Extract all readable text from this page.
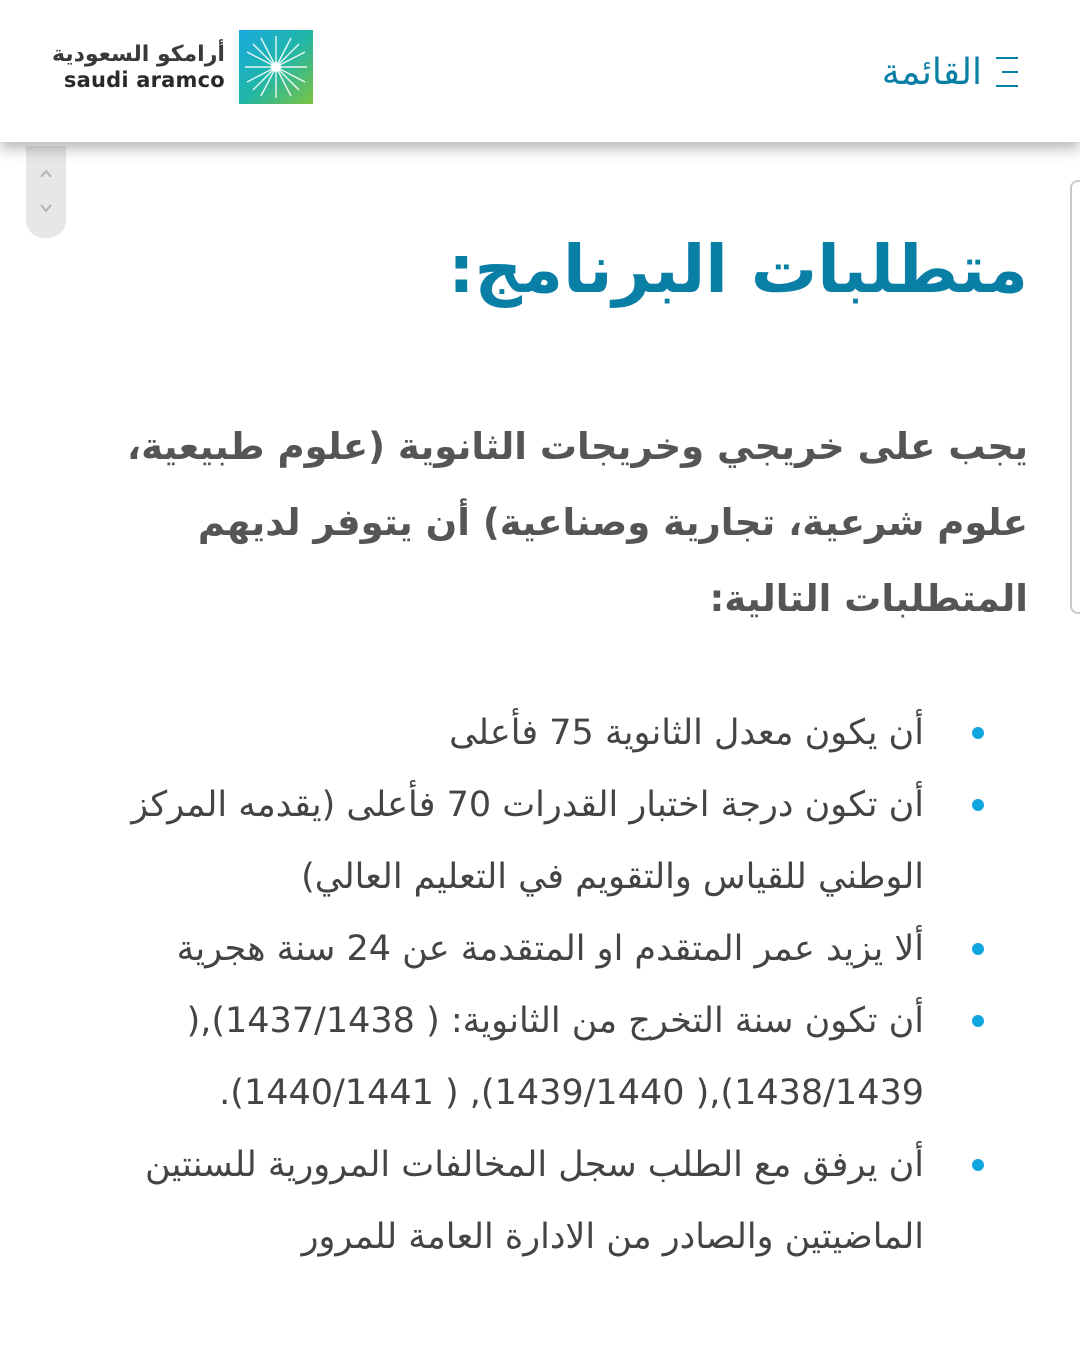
القائمة
أرامكو السعودية
saudi aramco
متطلبات البرنامج:

يجب على خريجي وخريجات الثانوية (علوم طبيعية، علوم شرعية، تجارية وصناعية) أن يتوفر لديهم المتطلبات التالية:

أن يكون معدل الثانوية 75 فأعلى
أن تكون درجة اختبار القدرات 70 فأعلى (يقدمه المركز الوطني للقياس والتقويم في التعليم العالي)
ألا يزيد عمر المتقدم او المتقدمة عن 24 سنة هجرية
أن تكون سنة التخرج من الثانوية: ( 1437/1438),( 1438/1439),( 1439/1440), ( 1440/1441).
أن يرفق مع الطلب سجل المخالفات المرورية للسنتين الماضيتين والصادر من الادارة العامة للمرور
